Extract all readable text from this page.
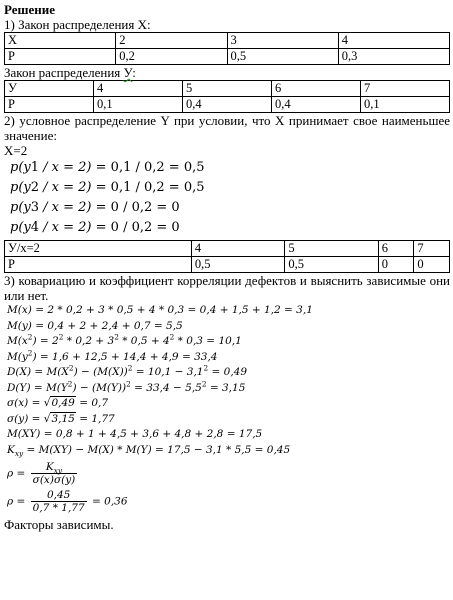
Решение

1) Закон распределения X:

X	2	3	4
P	0,2	0,5	0,3

Закон распределения У:

У	4	5	6	7
P	0,1	0,4	0,4	0,1

2) условное распределение Y при условии, что X принимает свое наименьшее значение:

X=2

p(y1 / x = 2) = 0,1 / 0,2 = 0,5

p(y2 / x = 2) = 0,1 / 0,2 = 0,5

p(y3 / x = 2) = 0 / 0,2 = 0

p(y4 / x = 2) = 0 / 0,2 = 0

У/x=2	4	5	6	7
P	0,5	0,5	0	0

3) ковариацию и коэффициент корреляции дефектов и выяснить зависимые они или нет.

M(x) = 2 * 0,2 + 3 * 0,5 + 4 * 0,3 = 0,4 + 1,5 + 1,2 = 3,1

M(y) = 0,4 + 2 + 2,4 + 0,7 = 5,5

$M(x^2) = 2^2 * 0,2 + 3^2 * 0,5 + 4^2 * 0,3 = 10,1$

$M(y^2) = 1,6 + 12,5 + 14,4 + 4,9 = 33,4$

$D(X) = M(X^2) - (M(X))^2 = 10,1 - 3,1^2 = 0,49$

$D(Y) = M(Y^2) - (M(Y))^2 = 33,4 - 5,5^2 = 3,15$

σ(x) = √0,49 = 0,7

σ(y) = √3,15 = 1,77

M(XY) = 0,8 + 1 + 4,5 + 3,6 + 4,8 + 2,8 = 17,5

$K_{xy} = M(XY) - M(X) * M(Y) = 17,5 - 3,1 * 5,5 = 0,45$

$\rho = \frac{K_{xy}}{\sigma(x)\sigma(y)}$

$\rho = \frac{0,45}{0,7 * 1,77} = 0,36$

Факторы зависимы.
